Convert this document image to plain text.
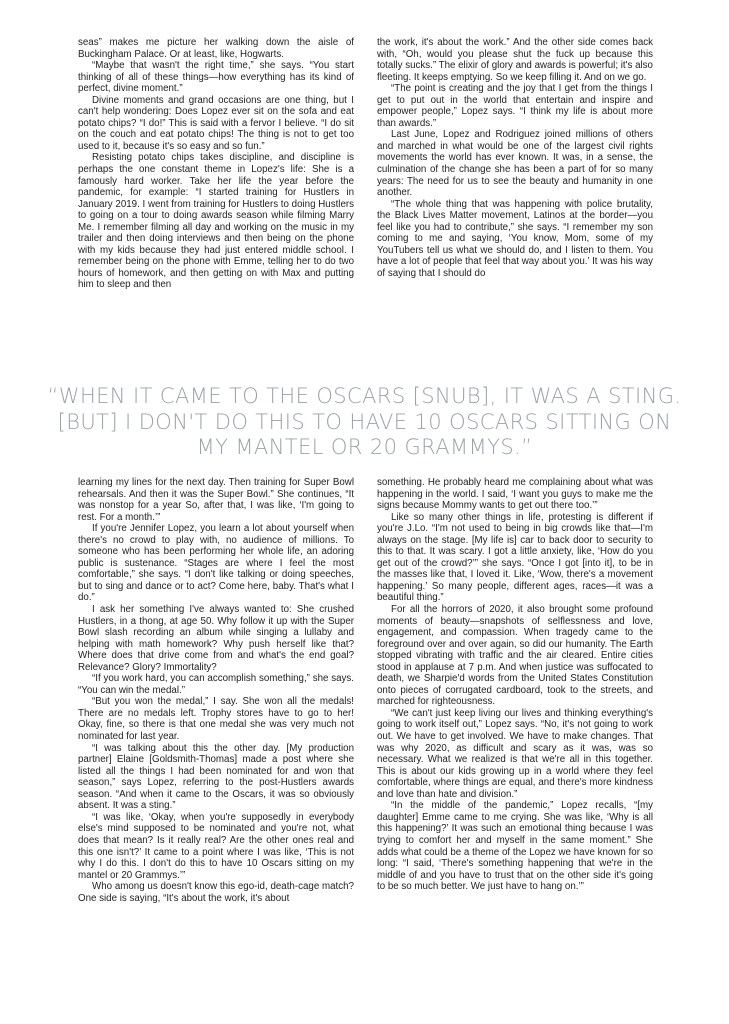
seas” makes me picture her walking down the aisle of Buckingham Palace. Or at least, like, Hogwarts.

“Maybe that wasn't the right time,” she says. “You start thinking of all of these things—how everything has its kind of perfect, divine moment.”

Divine moments and grand occasions are one thing, but I can't help wondering: Does Lopez ever sit on the sofa and eat potato chips? “I do!” This is said with a fervor I believe. “I do sit on the couch and eat potato chips! The thing is not to get too used to it, because it's so easy and so fun.”

Resisting potato chips takes discipline, and discipline is perhaps the one constant theme in Lopez's life: She is a famously hard worker. Take her life the year before the pandemic, for example: “I started training for Hustlers in January 2019. I went from training for Hustlers to doing Hustlers to going on a tour to doing awards season while filming Marry Me. I remember filming all day and working on the music in my trailer and then doing interviews and then being on the phone with my kids because they had just entered middle school. I remember being on the phone with Emme, telling her to do two hours of homework, and then getting on with Max and putting him to sleep and then

the work, it's about the work.” And the other side comes back with, “Oh, would you please shut the fuck up because this totally sucks.” The elixir of glory and awards is powerful; it's also fleeting. It keeps emptying. So we keep filling it. And on we go.

“The point is creating and the joy that I get from the things I get to put out in the world that entertain and inspire and empower people,” Lopez says. “I think my life is about more than awards.”

Last June, Lopez and Rodriguez joined millions of others and marched in what would be one of the largest civil rights movements the world has ever known. It was, in a sense, the culmination of the change she has been a part of for so many years: The need for us to see the beauty and humanity in one another.

“The whole thing that was happening with police brutality, the Black Lives Matter movement, Latinos at the border—you feel like you had to contribute,” she says. “I remember my son coming to me and saying, ‘You know, Mom, some of my YouTubers tell us what we should do, and I listen to them. You have a lot of people that feel that way about you.’ It was his way of saying that I should do

“WHEN IT CAME TO THE OSCARS [SNUB], IT WAS A STING. [BUT] I DON'T DO THIS TO HAVE 10 OSCARS SITTING ON MY MANTEL OR 20 GRAMMYS.”

learning my lines for the next day. Then training for Super Bowl rehearsals. And then it was the Super Bowl.” She continues, “It was nonstop for a year So, after that, I was like, ‘I'm going to rest. For a month.’”

If you're Jennifer Lopez, you learn a lot about yourself when there's no crowd to play with, no audience of millions. To someone who has been performing her whole life, an adoring public is sustenance. “Stages are where I feel the most comfortable,” she says. “I don't like talking or doing speeches, but to sing and dance or to act? Come here, baby. That's what I do.”

I ask her something I've always wanted to: She crushed Hustlers, in a thong, at age 50. Why follow it up with the Super Bowl slash recording an album while singing a lullaby and helping with math homework? Why push herself like that? Where does that drive come from and what's the end goal? Relevance? Glory? Immortality?

“If you work hard, you can accomplish something,” she says. “You can win the medal.”

“But you won the medal,” I say. She won all the medals! There are no medals left. Trophy stores have to go to her! Okay, fine, so there is that one medal she was very much not nominated for last year.

“I was talking about this the other day. [My production partner] Elaine [Goldsmith-Thomas] made a post where she listed all the things I had been nominated for and won that season,” says Lopez, referring to the post-Hustlers awards season. “And when it came to the Oscars, it was so obviously absent. It was a sting.”

“I was like, ‘Okay, when you're supposedly in everybody else's mind supposed to be nominated and you're not, what does that mean? Is it really real? Are the other ones real and this one isn't?’ It came to a point where I was like, ‘This is not why I do this. I don't do this to have 10 Oscars sitting on my mantel or 20 Grammys.’”

Who among us doesn't know this ego-id, death-cage match? One side is saying, “It's about the work, it's about

something. He probably heard me complaining about what was happening in the world. I said, ‘I want you guys to make me the signs because Mommy wants to get out there too.’”

Like so many other things in life, protesting is different if you're J.Lo. “I'm not used to being in big crowds like that—I'm always on the stage. [My life is] car to back door to security to this to that. It was scary. I got a little anxiety, like, ‘How do you get out of the crowd?’” she says. “Once I got [into it], to be in the masses like that, I loved it. Like, ‘Wow, there's a movement happening.’ So many people, different ages, races—it was a beautiful thing.”

For all the horrors of 2020, it also brought some profound moments of beauty—snapshots of selflessness and love, engagement, and compassion. When tragedy came to the foreground over and over again, so did our humanity. The Earth stopped vibrating with traffic and the air cleared. Entire cities stood in applause at 7 p.m. And when justice was suffocated to death, we Sharpie'd words from the United States Constitution onto pieces of corrugated cardboard, took to the streets, and marched for righteousness.

“We can't just keep living our lives and thinking everything's going to work itself out,” Lopez says. “No, it's not going to work out. We have to get involved. We have to make changes. That was why 2020, as difficult and scary as it was, was so necessary. What we realized is that we're all in this together. This is about our kids growing up in a world where they feel comfortable, where things are equal, and there's more kindness and love than hate and division.”

“In the middle of the pandemic,” Lopez recalls, “[my daughter] Emme came to me crying. She was like, ‘Why is all this happening?’ It was such an emotional thing because I was trying to comfort her and myself in the same moment.” She adds what could be a theme of the Lopez we have known for so long: “I said, ‘There's something happening that we're in the middle of and you have to trust that on the other side it's going to be so much better. We just have to hang on.’”
